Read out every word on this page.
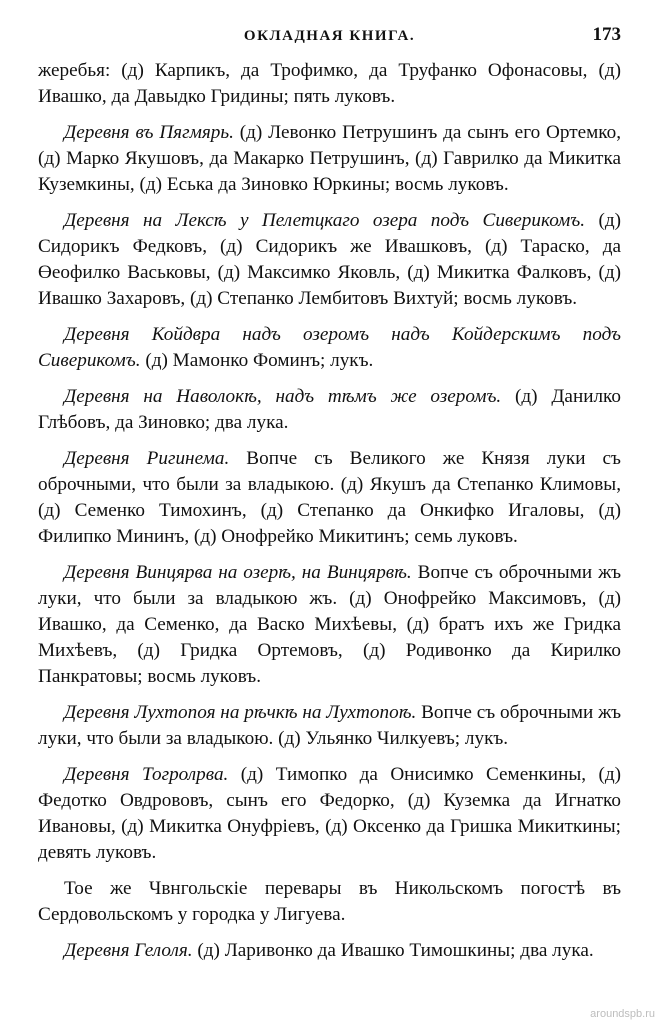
ОКЛАДНАЯ КНИГА.	173

жеребья: (д) Карпикъ, да Трофимко, да Труфанко Офонасовы, (д) Ивашко, да Давыдко Гридины; пять луковъ.

Деревня въ Пягмярь. (д) Левонко Петрушинъ да сынъ его Ортемко, (д) Марко Якушовъ, да Макарко Петрушинъ, (д) Гаврилко да Микитка Куземкины, (д) Еська да Зиновко Юркины; восмь луковъ.

Деревня на Лексѣ у Пелетцкаго озера подъ Сиверикомъ. (д) Сидорикъ Федковъ, (д) Сидорикъ же Ивашковъ, (д) Тараско, да Өеофилко Васьковы, (д) Максимко Яковль, (д) Микитка Фалковъ, (д) Ивашко Захаровъ, (д) Степанко Лембитовъ Вихтуй; восмь луковъ.

Деревня Койдвра надъ озеромъ надъ Койдерскимъ подъ Сиверикомъ. (д) Мамонко Фоминъ; лукъ.

Деревня на Наволокѣ, надъ тѣмъ же озеромъ. (д) Данилко Глѣбовъ, да Зиновко; два лука.

Деревня Ригинема. Вопче съ Великого же Князя луки съ оброчными, что были за владыкою. (д) Якушъ да Степанко Климовы, (д) Семенко Тимохинъ, (д) Степанко да Онкифко Игаловы, (д) Филипко Мининъ, (д) Онофрейко Микитинъ; семь луковъ.

Деревня Винцярва на озерѣ, на Винцярвѣ. Вопче съ оброчными жъ луки, что были за владыкою жъ. (д) Онофрейко Максимовъ, (д) Ивашко, да Семенко, да Васко Михѣевы, (д) братъ ихъ же Гридка Михѣевъ, (д) Гридка Ортемовъ, (д) Родивонко да Кирилко Панкратовы; восмь луковъ.

Деревня Лухтопоя на рѣчкѣ на Лухтопоѣ. Вопче съ оброчными жъ луки, что были за владыкою. (д) Ульянко Чилкуевъ; лукъ.

Деревня Тогролрва. (д) Тимопко да Онисимко Семенкины, (д) Федотко Овдрововъ, сынъ его Федорко, (д) Куземка да Игнатко Ивановы, (д) Микитка Онуфріевъ, (д) Оксенко да Гришка Микиткины; девять луковъ.

Тое же Чвнгольскіе перевары въ Никольскомъ погостѣ въ Сердовольскомъ у городка у Лигуева.

Деревня Гелоля. (д) Ларивонко да Ивашко Тимошкины; два лука.

aroundspb.ru
